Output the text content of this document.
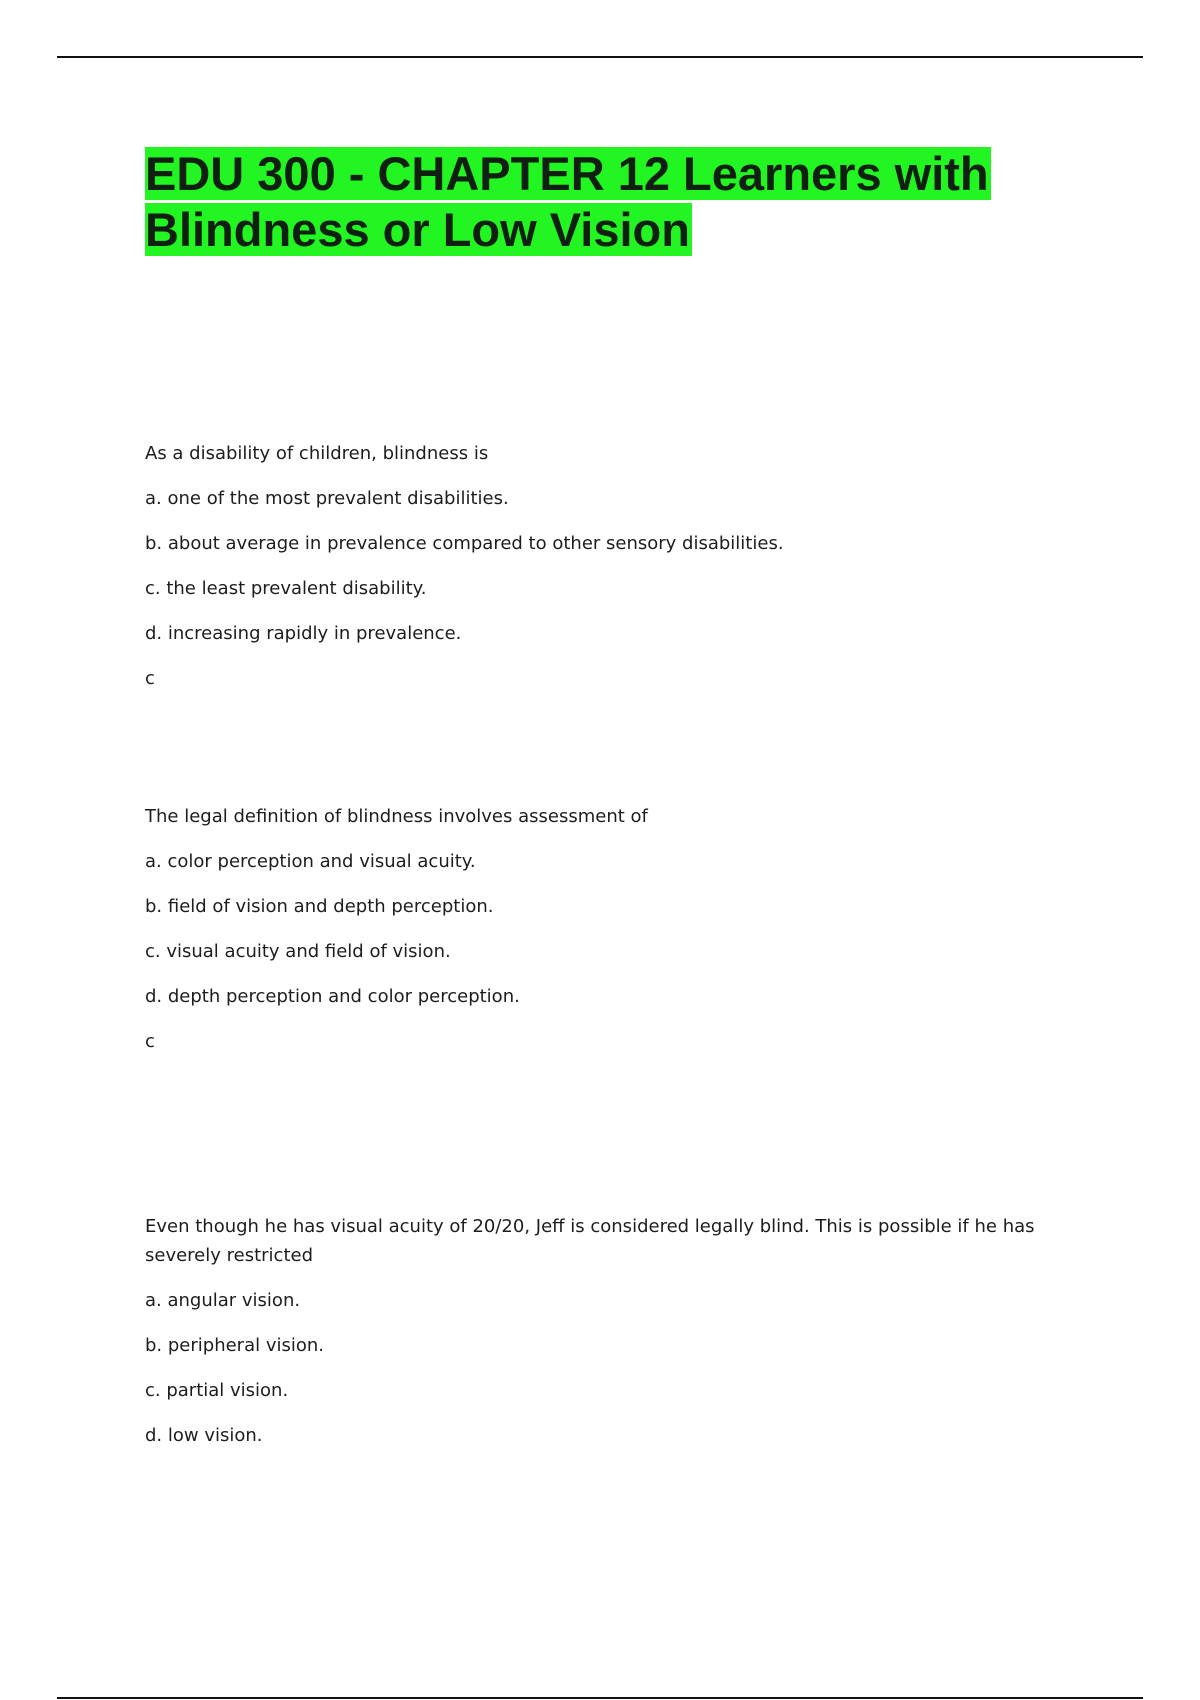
EDU 300 - CHAPTER 12 Learners with Blindness or Low Vision

As a disability of children, blindness is

a. one of the most prevalent disabilities.

b. about average in prevalence compared to other sensory disabilities.

c. the least prevalent disability.

d. increasing rapidly in prevalence.

c

The legal definition of blindness involves assessment of

a. color perception and visual acuity.

b. field of vision and depth perception.

c. visual acuity and field of vision.

d. depth perception and color perception.

c

Even though he has visual acuity of 20/20, Jeff is considered legally blind. This is possible if he has severely restricted

a. angular vision.

b. peripheral vision.

c. partial vision.

d. low vision.
